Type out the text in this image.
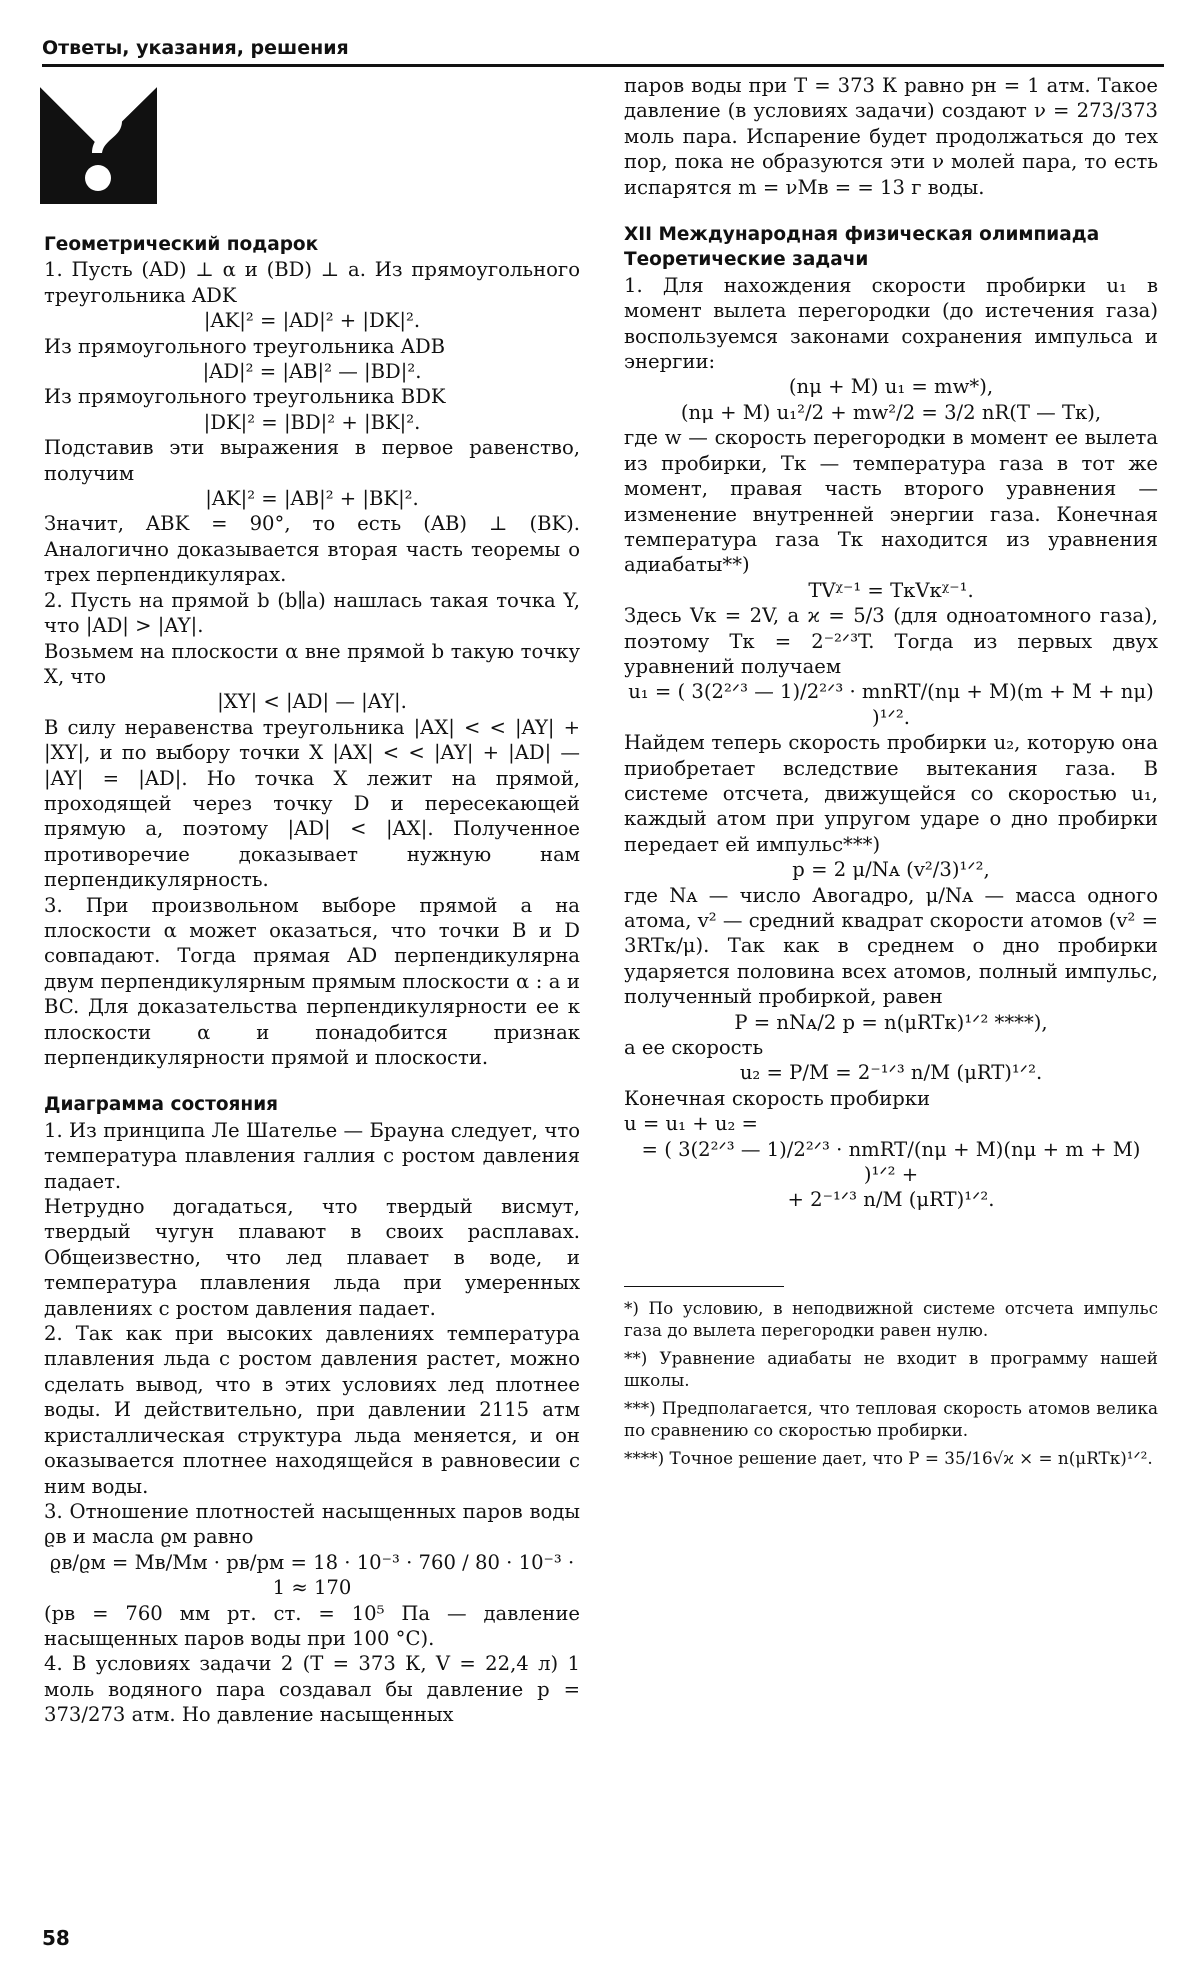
Ответы, указания, решения

Геометрический подарок

1. Пусть (AD) ⊥ α и (BD) ⊥ a. Из прямоугольного треугольника ADK

|AK|² = |AD|² + |DK|².

Из прямоугольного треугольника ADB

|AD|² = |AB|² — |BD|².

Из прямоугольного треугольника BDK

|DK|² = |BD|² + |BK|².

Подставив эти выражения в первое равенство, получим

|AK|² = |AB|² + |BK|².

Значит, ABK = 90°, то есть (AB) ⊥ (BK). Аналогично доказывается вторая часть теоремы о трех перпендикулярах.

2. Пусть на прямой b (b∥a) нашлась такая точка Y, что |AD| > |AY|.

Возьмем на плоскости α вне прямой b такую точку X, что

|XY| < |AD| — |AY|.

В силу неравенства треугольника |AX| < < |AY| + |XY|, и по выбору точки X |AX| < < |AY| + |AD| — |AY| = |AD|. Но точка X лежит на прямой, проходящей через точку D и пересекающей прямую a, поэтому |AD| < |AX|. Полученное противоречие доказывает нужную нам перпендикулярность.

3. При произвольном выборе прямой a на плоскости α может оказаться, что точки B и D совпадают. Тогда прямая AD перпендикулярна двум перпендикулярным прямым плоскости α : a и BC. Для доказательства перпендикулярности ее к плоскости α и понадобится признак перпендикулярности прямой и плоскости.

Диаграмма состояния

1. Из принципа Ле Шателье — Брауна следует, что температура плавления галлия с ростом давления падает.

Нетрудно догадаться, что твердый висмут, твердый чугун плавают в своих расплавах. Общеизвестно, что лед плавает в воде, и температура плавления льда при умеренных давлениях с ростом давления падает.

2. Так как при высоких давлениях температура плавления льда с ростом давления растет, можно сделать вывод, что в этих условиях лед плотнее воды. И действительно, при давлении 2115 атм кристаллическая структура льда меняется, и он оказывается плотнее находящейся в равновесии с ним воды.

3. Отношение плотностей насыщенных паров воды ϱв и масла ϱм равно

ϱв/ϱм = Mв/Mм · pв/pм = 18 · 10⁻³ · 760 / 80 · 10⁻³ · 1 ≈ 170

(pв = 760 мм рт. ст. = 10⁵ Па — давление насыщенных паров воды при 100 °C).

4. В условиях задачи 2 (T = 373 К, V = 22,4 л) 1 моль водяного пара создавал бы давление p = 373/273 атм. Но давление насыщенных

паров воды при T = 373 К равно pн = 1 атм. Такое давление (в условиях задачи) создают ν = 273/373 моль пара. Испарение будет продолжаться до тех пор, пока не образуются эти ν молей пара, то есть испарятся m = νMв = = 13 г воды.

XII Международная физическая олимпиада

Теоретические задачи

1. Для нахождения скорости пробирки u₁ в момент вылета перегородки (до истечения газа) воспользуемся законами сохранения импульса и энергии:

(nμ + M) u₁ = mw*),

(nμ + M) u₁²/2 + mw²/2 = 3/2 nR(T — Tк),

где w — скорость перегородки в момент ее вылета из пробирки, Tк — температура газа в тот же момент, правая часть второго уравнения — изменение внутренней энергии газа. Конечная температура газа Tк находится из уравнения адиабаты**)

TVᵡ⁻¹ = TкVкᵡ⁻¹.

Здесь Vк = 2V, а ϰ = 5/3 (для одноатомного газа), поэтому Tк = 2⁻²ᐟ³T. Тогда из первых двух уравнений получаем

u₁ = ( 3(2²ᐟ³ — 1)/2²ᐟ³ · mnRT/(nμ + M)(m + M + nμ) )¹ᐟ².

Найдем теперь скорость пробирки u₂, которую она приобретает вследствие вытекания газа. В системе отсчета, движущейся со скоростью u₁, каждый атом при упругом ударе о дно пробирки передает ей импульс***)

p = 2 μ/Nᴀ (v²/3)¹ᐟ²,

где Nᴀ — число Авогадро, μ/Nᴀ — масса одного атома, v² — средний квадрат скорости атомов (v² = 3RTк/μ). Так как в среднем о дно пробирки ударяется половина всех атомов, полный импульс, полученный пробиркой, равен

P = nNᴀ/2 p = n(μRTк)¹ᐟ² ****),

а ее скорость

u₂ = P/M = 2⁻¹ᐟ³ n/M (μRT)¹ᐟ².

Конечная скорость пробирки

u = u₁ + u₂ =

= ( 3(2²ᐟ³ — 1)/2²ᐟ³ · nmRT/(nμ + M)(nμ + m + M) )¹ᐟ² +

+ 2⁻¹ᐟ³ n/M (μRT)¹ᐟ².

*) По условию, в неподвижной системе отсчета импульс газа до вылета перегородки равен нулю.

**) Уравнение адиабаты не входит в программу нашей школы.

***) Предполагается, что тепловая скорость атомов велика по сравнению со скоростью пробирки.

****) Точное решение дает, что P = 35/16√ϰ × = n(μRTк)¹ᐟ².

58
